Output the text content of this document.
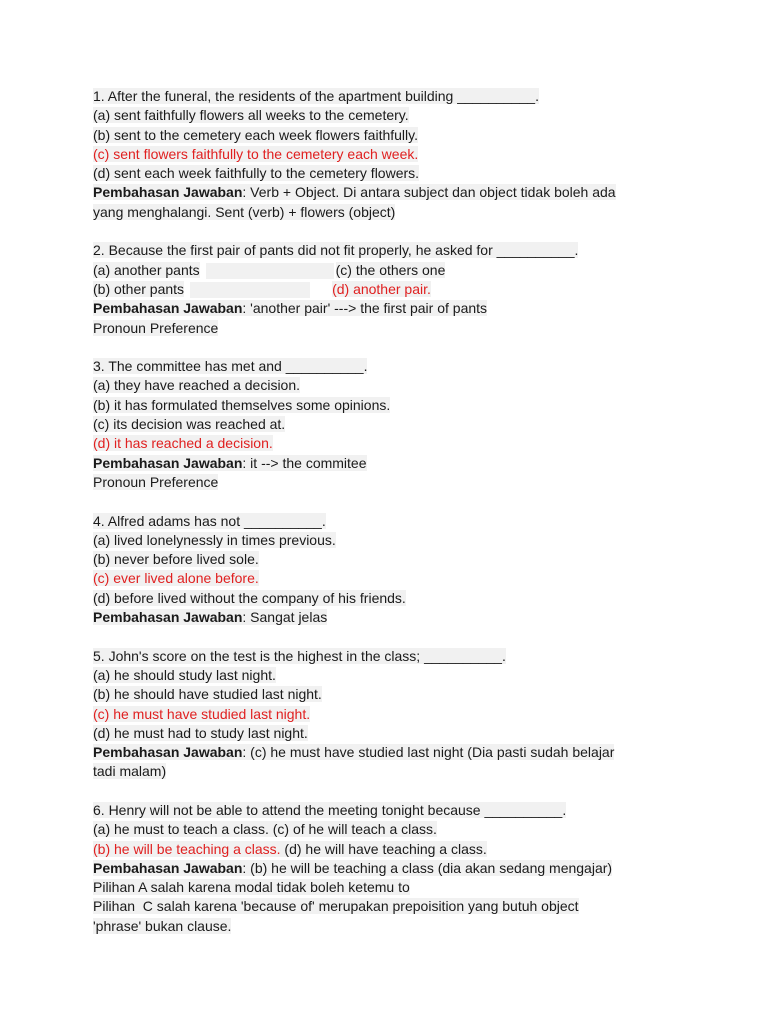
1. After the funeral, the residents of the apartment building __________.
(a) sent faithfully flowers all weeks to the cemetery.
(b) sent to the cemetery each week flowers faithfully.
(c) sent flowers faithfully to the cemetery each week.
(d) sent each week faithfully to the cemetery flowers.
Pembahasan Jawaban: Verb + Object. Di antara subject dan object tidak boleh ada
yang menghalangi. Sent (verb) + flowers (object)
2. Because the first pair of pants did not fit properly, he asked for __________.
(a) another pants	(c) the others one
(b) other pants	(d) another pair.
Pembahasan Jawaban: 'another pair' ---> the first pair of pants
Pronoun Preference
3. The committee has met and __________.
(a) they have reached a decision.
(b) it has formulated themselves some opinions.
(c) its decision was reached at.
(d) it has reached a decision.
Pembahasan Jawaban: it --> the commitee
Pronoun Preference
4. Alfred adams has not __________.
(a) lived lonelynessly in times previous.
(b) never before lived sole.
(c) ever lived alone before.
(d) before lived without the company of his friends.
Pembahasan Jawaban: Sangat jelas
5. John's score on the test is the highest in the class; __________.
(a) he should study last night.
(b) he should have studied last night.
(c) he must have studied last night.
(d) he must had to study last night.
Pembahasan Jawaban: (c) he must have studied last night (Dia pasti sudah belajar
tadi malam)
6. Henry will not be able to attend the meeting tonight because __________.
(a) he must to teach a class. (c) of he will teach a class.
(b) he will be teaching a class. (d) he will have teaching a class.
Pembahasan Jawaban: (b) he will be teaching a class (dia akan sedang mengajar)
Pilihan A salah karena modal tidak boleh ketemu to
Pilihan  C salah karena 'because of' merupakan prepoisition yang butuh object
'phrase' bukan clause.
